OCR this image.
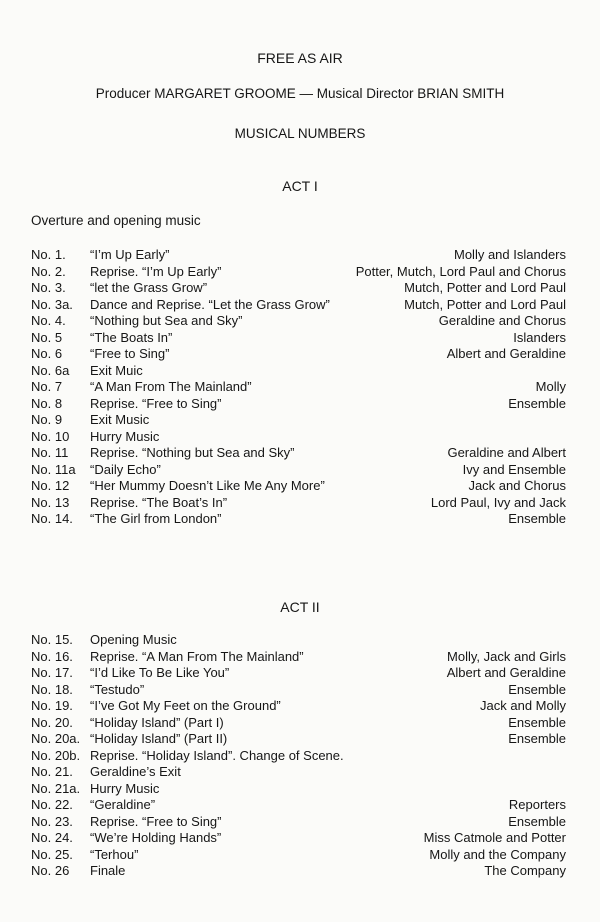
FREE AS AIR
Producer MARGARET GROOME — Musical Director BRIAN SMITH
MUSICAL NUMBERS
ACT I
Overture and opening music
No. 1. “I’m Up Early”	Molly and Islanders
No. 2. Reprise. “I’m Up Early”	Potter, Mutch, Lord Paul and Chorus
No. 3. “let the Grass Grow”	Mutch, Potter and Lord Paul
No. 3a. Dance and Reprise. “Let the Grass Grow”	Mutch, Potter and Lord Paul
No. 4. “Nothing but Sea and Sky”	Geraldine and Chorus
No. 5 “The Boats In”	Islanders
No. 6 “Free to Sing”	Albert and Geraldine
No. 6a Exit Muic
No. 7 “A Man From The Mainland”	Molly
No. 8 Reprise. “Free to Sing”	Ensemble
No. 9 Exit Music
No. 10 Hurry Music
No. 11 Reprise. “Nothing but Sea and Sky”	Geraldine and Albert
No. 11a “Daily Echo”	Ivy and Ensemble
No. 12 “Her Mummy Doesn’t Like Me Any More”	Jack and Chorus
No. 13 Reprise. “The Boat’s In”	Lord Paul, Ivy and Jack
No. 14. “The Girl from London”	Ensemble
ACT II
No. 15. Opening Music
No. 16. Reprise. “A Man From The Mainland”	Molly, Jack and Girls
No. 17. “I’d Like To Be Like You”	Albert and Geraldine
No. 18. “Testudo”	Ensemble
No. 19. “I’ve Got My Feet on the Ground”	Jack and Molly
No. 20. “Holiday Island” (Part I)	Ensemble
No. 20a. “Holiday Island” (Part II)	Ensemble
No. 20b. Reprise. “Holiday Island”. Change of Scene.
No. 21. Geraldine’s Exit
No. 21a. Hurry Music
No. 22. “Geraldine”	Reporters
No. 23. Reprise. “Free to Sing”	Ensemble
No. 24. “We’re Holding Hands”	Miss Catmole and Potter
No. 25. “Terhou”	Molly and the Company
No. 26 Finale	The Company
